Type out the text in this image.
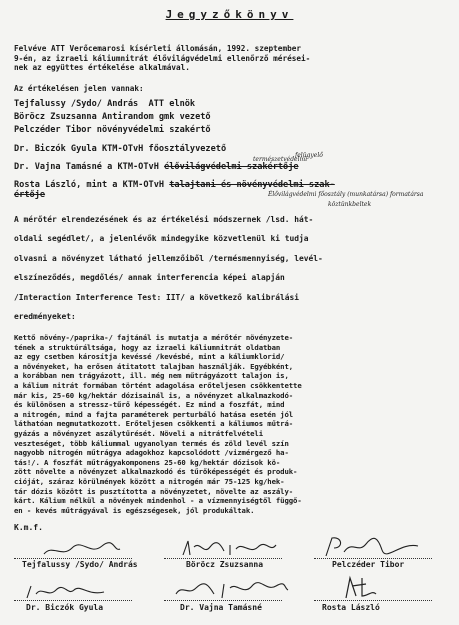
Jegyzőkönyv
Felvéve ATT Verőcemarosi kísérleti állomásán, 1992. szeptember
9-én, az izraeli káliumnitrát élővilágvédelmi ellenőrző mérései-
nek az együttes értékelése alkalmával.
Az értékelésen jelen vannak:
Tejfalussy /Sydo/ András  ATT elnök
Böröcz Zsuzsanna Antirandom gmk vezető
Pelczéder Tibor növényvédelmi szakértő
Dr. Biczók Gyula KTM-OTvH főosztályvezető
Dr. Vajna Tamásné a KTM-OTvH élővilágvédelmi szakértője
felügyelő
természetvédelmi
Rosta László, mint a KTM-OTvH talajtani és növényvédelmi szak-
értője	Élővilágvédelmi főosztály (munkatársa) formatársa
köztünkbeltek
A mérőtér elrendezésének és az értékelési módszernek /lsd. hát-
oldali segédlet/, a jelenlévők mindegyike közvetlenül ki tudja
olvasni a növényzet látható jellemzőiből /termésmennyiség, levél-
elszíneződés, megdőlés/ annak interferencia képei alapján
/Interaction Interference Test: IIT/ a következő kalibrálási
eredményeket:
Kettő növény-/paprika-/ fajtánál is mutatja a mérőtér növényzete-
tének a struktúráltsága, hogy az izraeli káliumnitrát oldatban
az egy csetben károsítja kevéssé /kevésbé, mint a káliumklorid/
a növényeket, ha erősen átitatott talajban használják. Egyébként,
a korábban nem trágyázott, ill. még nem műtrágyázott talajon is,
a kálium nitrát formában történt adagolása erőteljesen csökkentette
már kis, 25-60 kg/hektár dózisainál is, a növényzet alkalmazkodó-
és különösen a stressz-tűrő képességét. Ez mind a foszfát, mind
a nitrogén, mind a fajta paraméterek perturbáló hatása esetén jól
láthatóan megmutatkozott. Erőteljesen csökkenti a káliumos műtrá-
gyázás a növényzet aszálytűrését. Növeli a nitrátfelvételi
veszteséget, több káliummal ugyanolyan termés és zöld levél szín
nagyobb nitrogén műtrágya adagokhoz kapcsolódott /vizmérgező ha-
tás!/. A foszfát műtrágyakomponens 25-60 kg/hektár dózisok kö-
zött növelte a növényzet alkalmazkodó és tűrőképességét és produk-
cióját, száraz körülmények között a nitrogén már 75-125 kg/hek-
tár dózis között is pusztította a növényzetet, növelte az aszály-
kárt. Kálium nélkül a növények mindenhol - a vízmennyiségtől függő-
en - kevés műtrágyával is egészségesek, jól produkáltak.
K.m.f.
Tejfalussy /Sydo/ András	Böröcz Zsuzsanna	Pelczéder Tibor
Dr. Biczók Gyula	Dr. Vajna Tamásné	Rosta László
